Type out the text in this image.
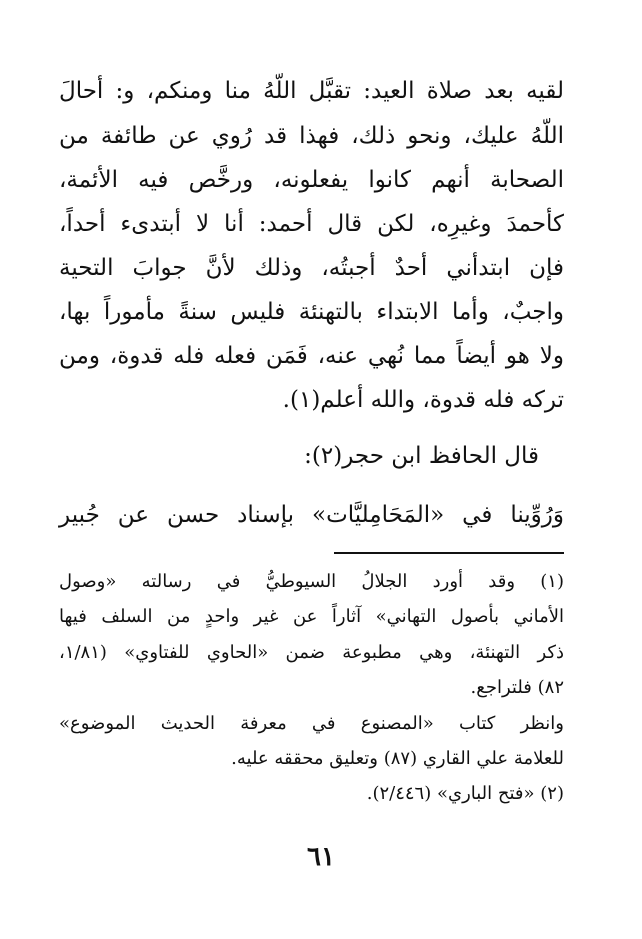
لقيه بعد صلاة العيد: تقبَّل اللّهُ منا ومنكم، و: أحالَ
اللّهُ عليك، ونحو ذلك، فهذا قد رُوي عن طائفة من
الصحابة أنهم كانوا يفعلونه، ورخَّص فيه الأئمة،
كأحمدَ وغيرِه، لكن قال أحمد: أنا لا أبتدىء أحداً،
فإن ابتدأني أحدٌ أجبتُه، وذلك لأنَّ جوابَ التحية
واجبٌ، وأما الابتداء بالتهنئة فليس سنةً مأموراً بها،
ولا هو أيضاً مما نُهي عنه، فَمَن فعله فله قدوة، ومن
تركه فله قدوة، والله أعلم(١).
قال الحافظ ابن حجر(٢):
وَرُوِّينا في «المَحَامِليَّات» بإسناد حسن عن جُبير
(١) وقد أورد الجلالُ السيوطيُّ في رسالته «وصول
الأماني بأصول التهاني» آثاراً عن غير واحدٍ من السلف فيها
ذكر التهنئة، وهي مطبوعة ضمن «الحاوي للفتاوي» (١/٨١،
٨٢) فلتراجع.
وانظر كتاب «المصنوع في معرفة الحديث الموضوع»
للعلامة علي القاري (٨٧) وتعليق محققه عليه.
(٢) «فتح الباري» (٢/٤٤٦).
٦١
